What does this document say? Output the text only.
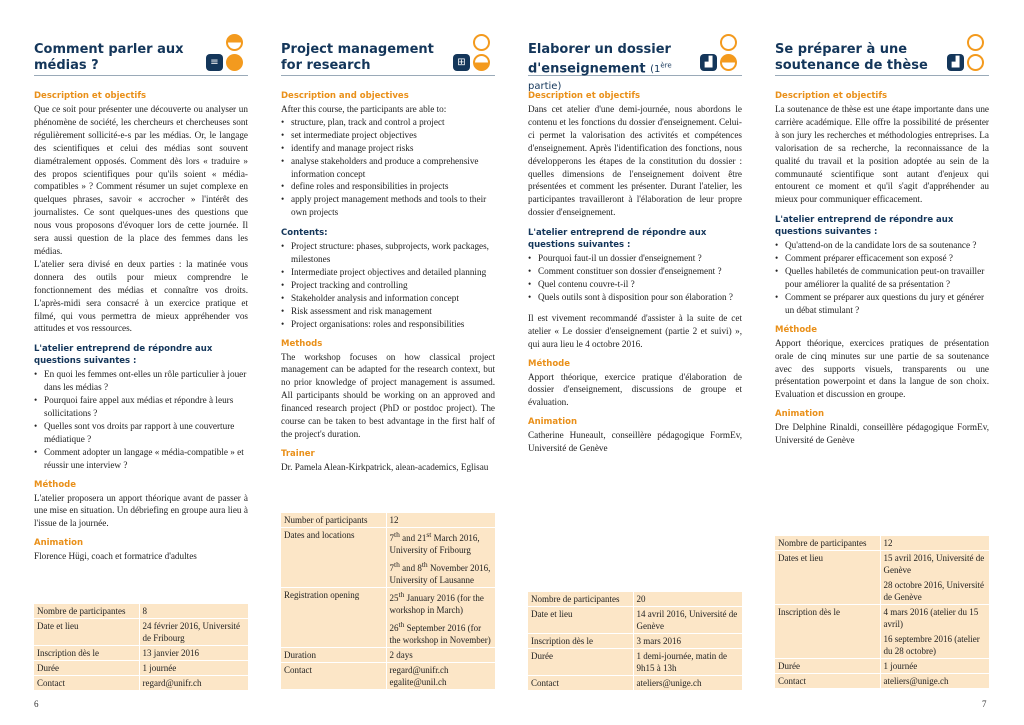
Comment parler aux médias ?	≡
Description et objectifs

Que ce soit pour présenter une découverte ou analyser un phénomène de société, les chercheurs et chercheuses sont régulièrement sollicité-e-s par les médias. Or, le langage des scientifiques et celui des médias sont souvent diamétralement opposés. Comment dès lors « traduire » des propos scientifiques pour qu'ils soient « média-compatibles » ? Comment résumer un sujet complexe en quelques phrases, savoir « accrocher » l'intérêt des journalistes. Ce sont quelques-unes des questions que nous vous proposons d'évoquer lors de cette journée. Il sera aussi question de la place des femmes dans les médias.

L'atelier sera divisé en deux parties : la matinée vous donnera des outils pour mieux comprendre le fonctionnement des médias et connaître vos droits. L'après-midi sera consacré à un exercice pratique et filmé, qui vous permettra de mieux appréhender vos attitudes et vos ressources.

L'atelier entreprend de répondre aux questions suivantes :
• En quoi les femmes ont-elles un rôle particulier à jouer dans les médias ?
• Pourquoi faire appel aux médias et répondre à leurs sollicitations ?
• Quelles sont vos droits par rapport à une couverture médiatique ?
• Comment adopter un langage « média-compatible » et réussir une interview ?
Méthode

L'atelier proposera un apport théorique avant de passer à une mise en situation. Un débriefing en groupe aura lieu à l'issue de la journée.

Animation

Florence Hügi, coach et formatrice d'adultes

Nombre de participantes	8
Date et lieu	24 février 2016, Université de Fribourg
Inscription dès le	13 janvier 2016
Durée	1 journée
Contact	regard@unifr.ch
Project management for research	⊞
Description and objectives

After this course, the participants are able to:

• structure, plan, track and control a project
• set intermediate project objectives
• identify and manage project risks
• analyse stakeholders and produce a comprehensive information concept
• define roles and responsibilities in projects
• apply project management methods and tools to their own projects
Contents:
• Project structure: phases, subprojects, work packages, milestones
• Intermediate project objectives and detailed planning
• Project tracking and controlling
• Stakeholder analysis and information concept
• Risk assessment and risk management
• Project organisations: roles and responsibilities
Methods

The workshop focuses on how classical project management can be adapted for the research context, but no prior knowledge of project management is assumed. All participants should be working on an approved and financed research project (PhD or postdoc project). The course can be taken to best advantage in the first half of the project's duration.

Trainer

Dr. Pamela Alean-Kirkpatrick, alean-academics, Eglisau

Number of participants	12
Dates and locations	7th and 21st March 2016, University of Fribourg
7th and 8th November 2016, University of Lausanne

Registration opening	25th January 2016 (for the workshop in March)
26th September 2016 (for the workshop in November)

Duration	2 days
Contact	regard@unifr.ch
egalite@unil.ch
Elaborer un dossier d'enseignement (1ère partie)
▟
Description et objectifs

Dans cet atelier d'une demi-journée, nous abordons le contenu et les fonctions du dossier d'enseignement. Celui-ci permet la valorisation des activités et compétences d'enseignement. Après l'identification des fonctions, nous développerons les étapes de la constitution du dossier : quelles dimensions de l'enseignement doivent être présentées et comment les présenter. Durant l'atelier, les participantes travailleront à l'élaboration de leur propre dossier d'enseignement.

L'atelier entreprend de répondre aux questions suivantes :
• Pourquoi faut-il un dossier d'enseignement ?
• Comment constituer son dossier d'enseignement ?
• Quel contenu couvre-t-il ?
• Quels outils sont à disposition pour son élaboration ?

Il est vivement recommandé d'assister à la suite de cet atelier « Le dossier d'enseignement (partie 2 et suivi) », qui aura lieu le 4 octobre 2016.

Méthode

Apport théorique, exercice pratique d'élaboration de dossier d'enseignement, discussions de groupe et évaluation.

Animation

Catherine Huneault, conseillère pédagogique FormEv, Université de Genève

Nombre de participantes	20
Date et lieu	14 avril 2016, Université de Genève
Inscription dès le	3 mars 2016
Durée	1 demi-journée, matin de 9h15 à 13h
Contact	ateliers@unige.ch
Se préparer à une soutenance de thèse	▟
Description et objectifs

La soutenance de thèse est une étape importante dans une carrière académique. Elle offre la possibilité de présenter à son jury les recherches et méthodologies entreprises. La valorisation de sa recherche, la reconnaissance de la qualité du travail et la position adoptée au sein de la communauté scientifique sont autant d'enjeux qui entourent ce moment et qu'il s'agit d'appréhender au mieux pour communiquer efficacement.

L'atelier entreprend de répondre aux questions suivantes :
• Qu'attend-on de la candidate lors de sa soutenance ?
• Comment préparer efficacement son exposé ?
• Quelles habiletés de communication peut-on travailler pour améliorer la qualité de sa présentation ?
• Comment se préparer aux questions du jury et générer un débat stimulant ?
Méthode

Apport théorique, exercices pratiques de présentation orale de cinq minutes sur une partie de sa soutenance avec des supports visuels, transparents ou une présentation powerpoint et dans la langue de son choix. Evaluation et discussion en groupe.

Animation

Dre Delphine Rinaldi, conseillère pédagogique FormEv, Université de Genève

Nombre de participantes	12
Dates et lieu	15 avril 2016, Université de Genève
28 octobre 2016, Université de Genève

Inscription dès le	4 mars 2016 (atelier du 15 avril)
16 septembre 2016 (atelier du 28 octobre)

Durée	1 journée
Contact	ateliers@unige.ch
6	7
